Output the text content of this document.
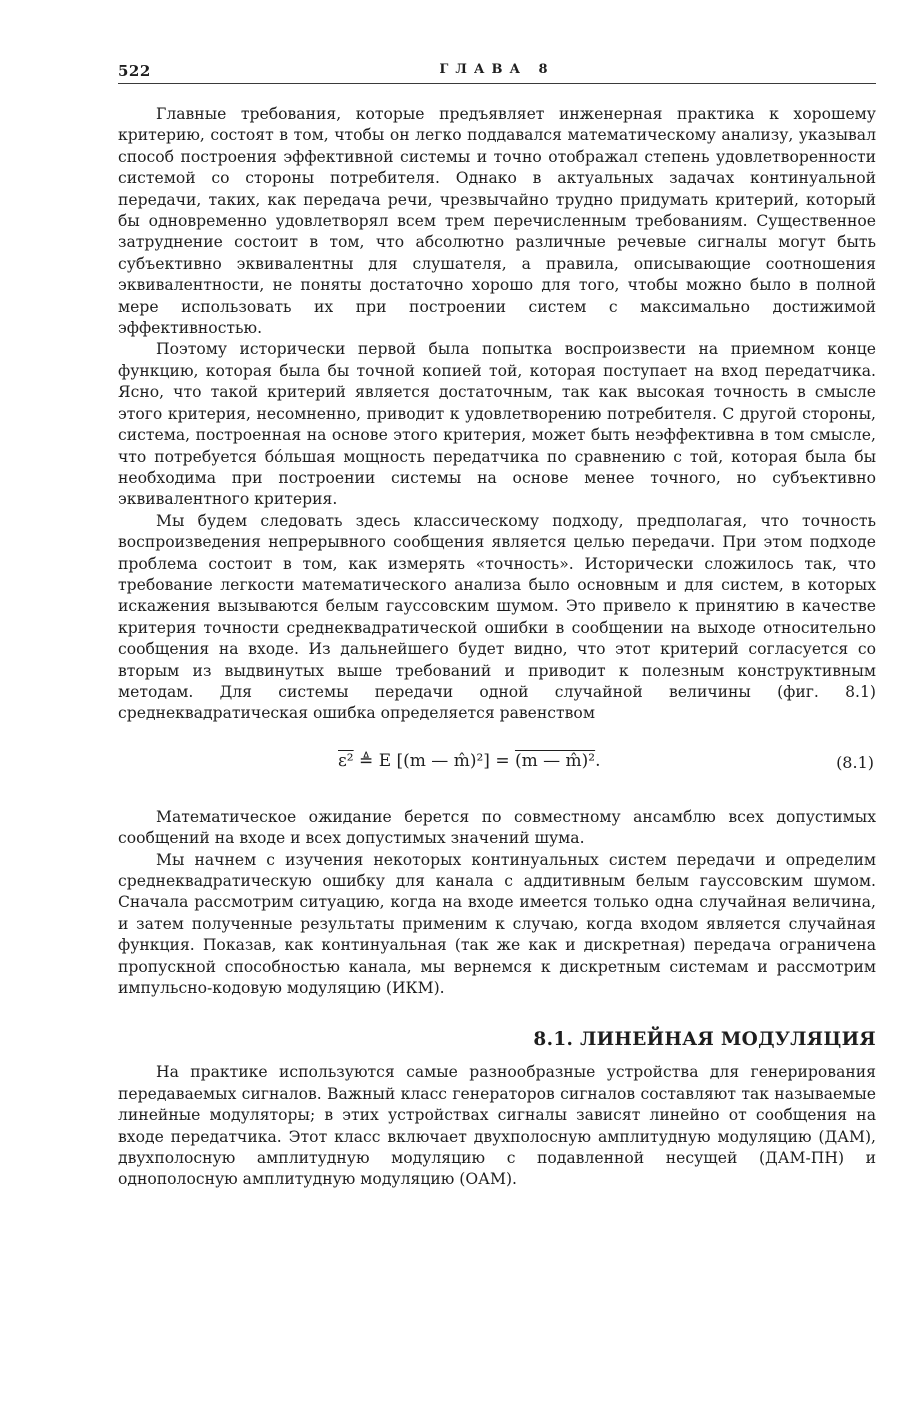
522	ГЛАВА 8

Главные требования, которые предъявляет инженерная практика к хорошему критерию, состоят в том, чтобы он легко поддавался математическому анализу, указывал способ построения эффективной системы и точно отображал степень удовлетворенности системой со стороны потребителя. Однако в актуальных задачах континуальной передачи, таких, как передача речи, чрезвычайно трудно придумать критерий, который бы одновременно удовлетворял всем трем перечисленным требованиям. Существенное затруднение состоит в том, что абсолютно различные речевые сигналы могут быть субъективно эквивалентны для слушателя, а правила, описывающие соотношения эквивалентности, не поняты достаточно хорошо для того, чтобы можно было в полной мере использовать их при построении систем с максимально достижимой эффективностью.

Поэтому исторически первой была попытка воспроизвести на приемном конце функцию, которая была бы точной копией той, которая поступает на вход передатчика. Ясно, что такой критерий является достаточным, так как высокая точность в смысле этого критерия, несомненно, приводит к удовлетворению потребителя. С другой стороны, система, построенная на основе этого критерия, может быть неэффективна в том смысле, что потребуется бо́льшая мощность передатчика по сравнению с той, которая была бы необходима при построении системы на основе менее точного, но субъективно эквивалентного критерия.

Мы будем следовать здесь классическому подходу, предполагая, что точность воспроизведения непрерывного сообщения является целью передачи. При этом подходе проблема состоит в том, как измерять «точность». Исторически сложилось так, что требование легкости математического анализа было основным и для систем, в которых искажения вызываются белым гауссовским шумом. Это привело к принятию в качестве критерия точности среднеквадратической ошибки в сообщении на выходе относительно сообщения на входе. Из дальнейшего будет видно, что этот критерий согласуется со вторым из выдвинутых выше требований и приводит к полезным конструктивным методам. Для системы передачи одной случайной величины (фиг. 8.1) среднеквадратическая ошибка определяется равенством

ε² ≜ E [(m — m̂)²] = (m — m̂)².	(8.1)

Математическое ожидание берется по совместному ансамблю всех допустимых сообщений на входе и всех допустимых значений шума.

Мы начнем с изучения некоторых континуальных систем передачи и определим среднеквадратическую ошибку для канала с аддитивным белым гауссовским шумом. Сначала рассмотрим ситуацию, когда на входе имеется только одна случайная величина, и затем полученные результаты применим к случаю, когда входом является случайная функция. Показав, как континуальная (так же как и дискретная) передача ограничена пропускной способностью канала, мы вернемся к дискретным системам и рассмотрим импульсно-кодовую модуляцию (ИКМ).

8.1. ЛИНЕЙНАЯ МОДУЛЯЦИЯ

На практике используются самые разнообразные устройства для генерирования передаваемых сигналов. Важный класс генераторов сигналов составляют так называемые линейные модуляторы; в этих устройствах сигналы зависят линейно от сообщения на входе передатчика. Этот класс включает двухполосную амплитудную модуляцию (ДАМ), двухполосную амплитудную модуляцию с подавленной несущей (ДАМ-ПН) и однополосную амплитудную модуляцию (ОАМ).
